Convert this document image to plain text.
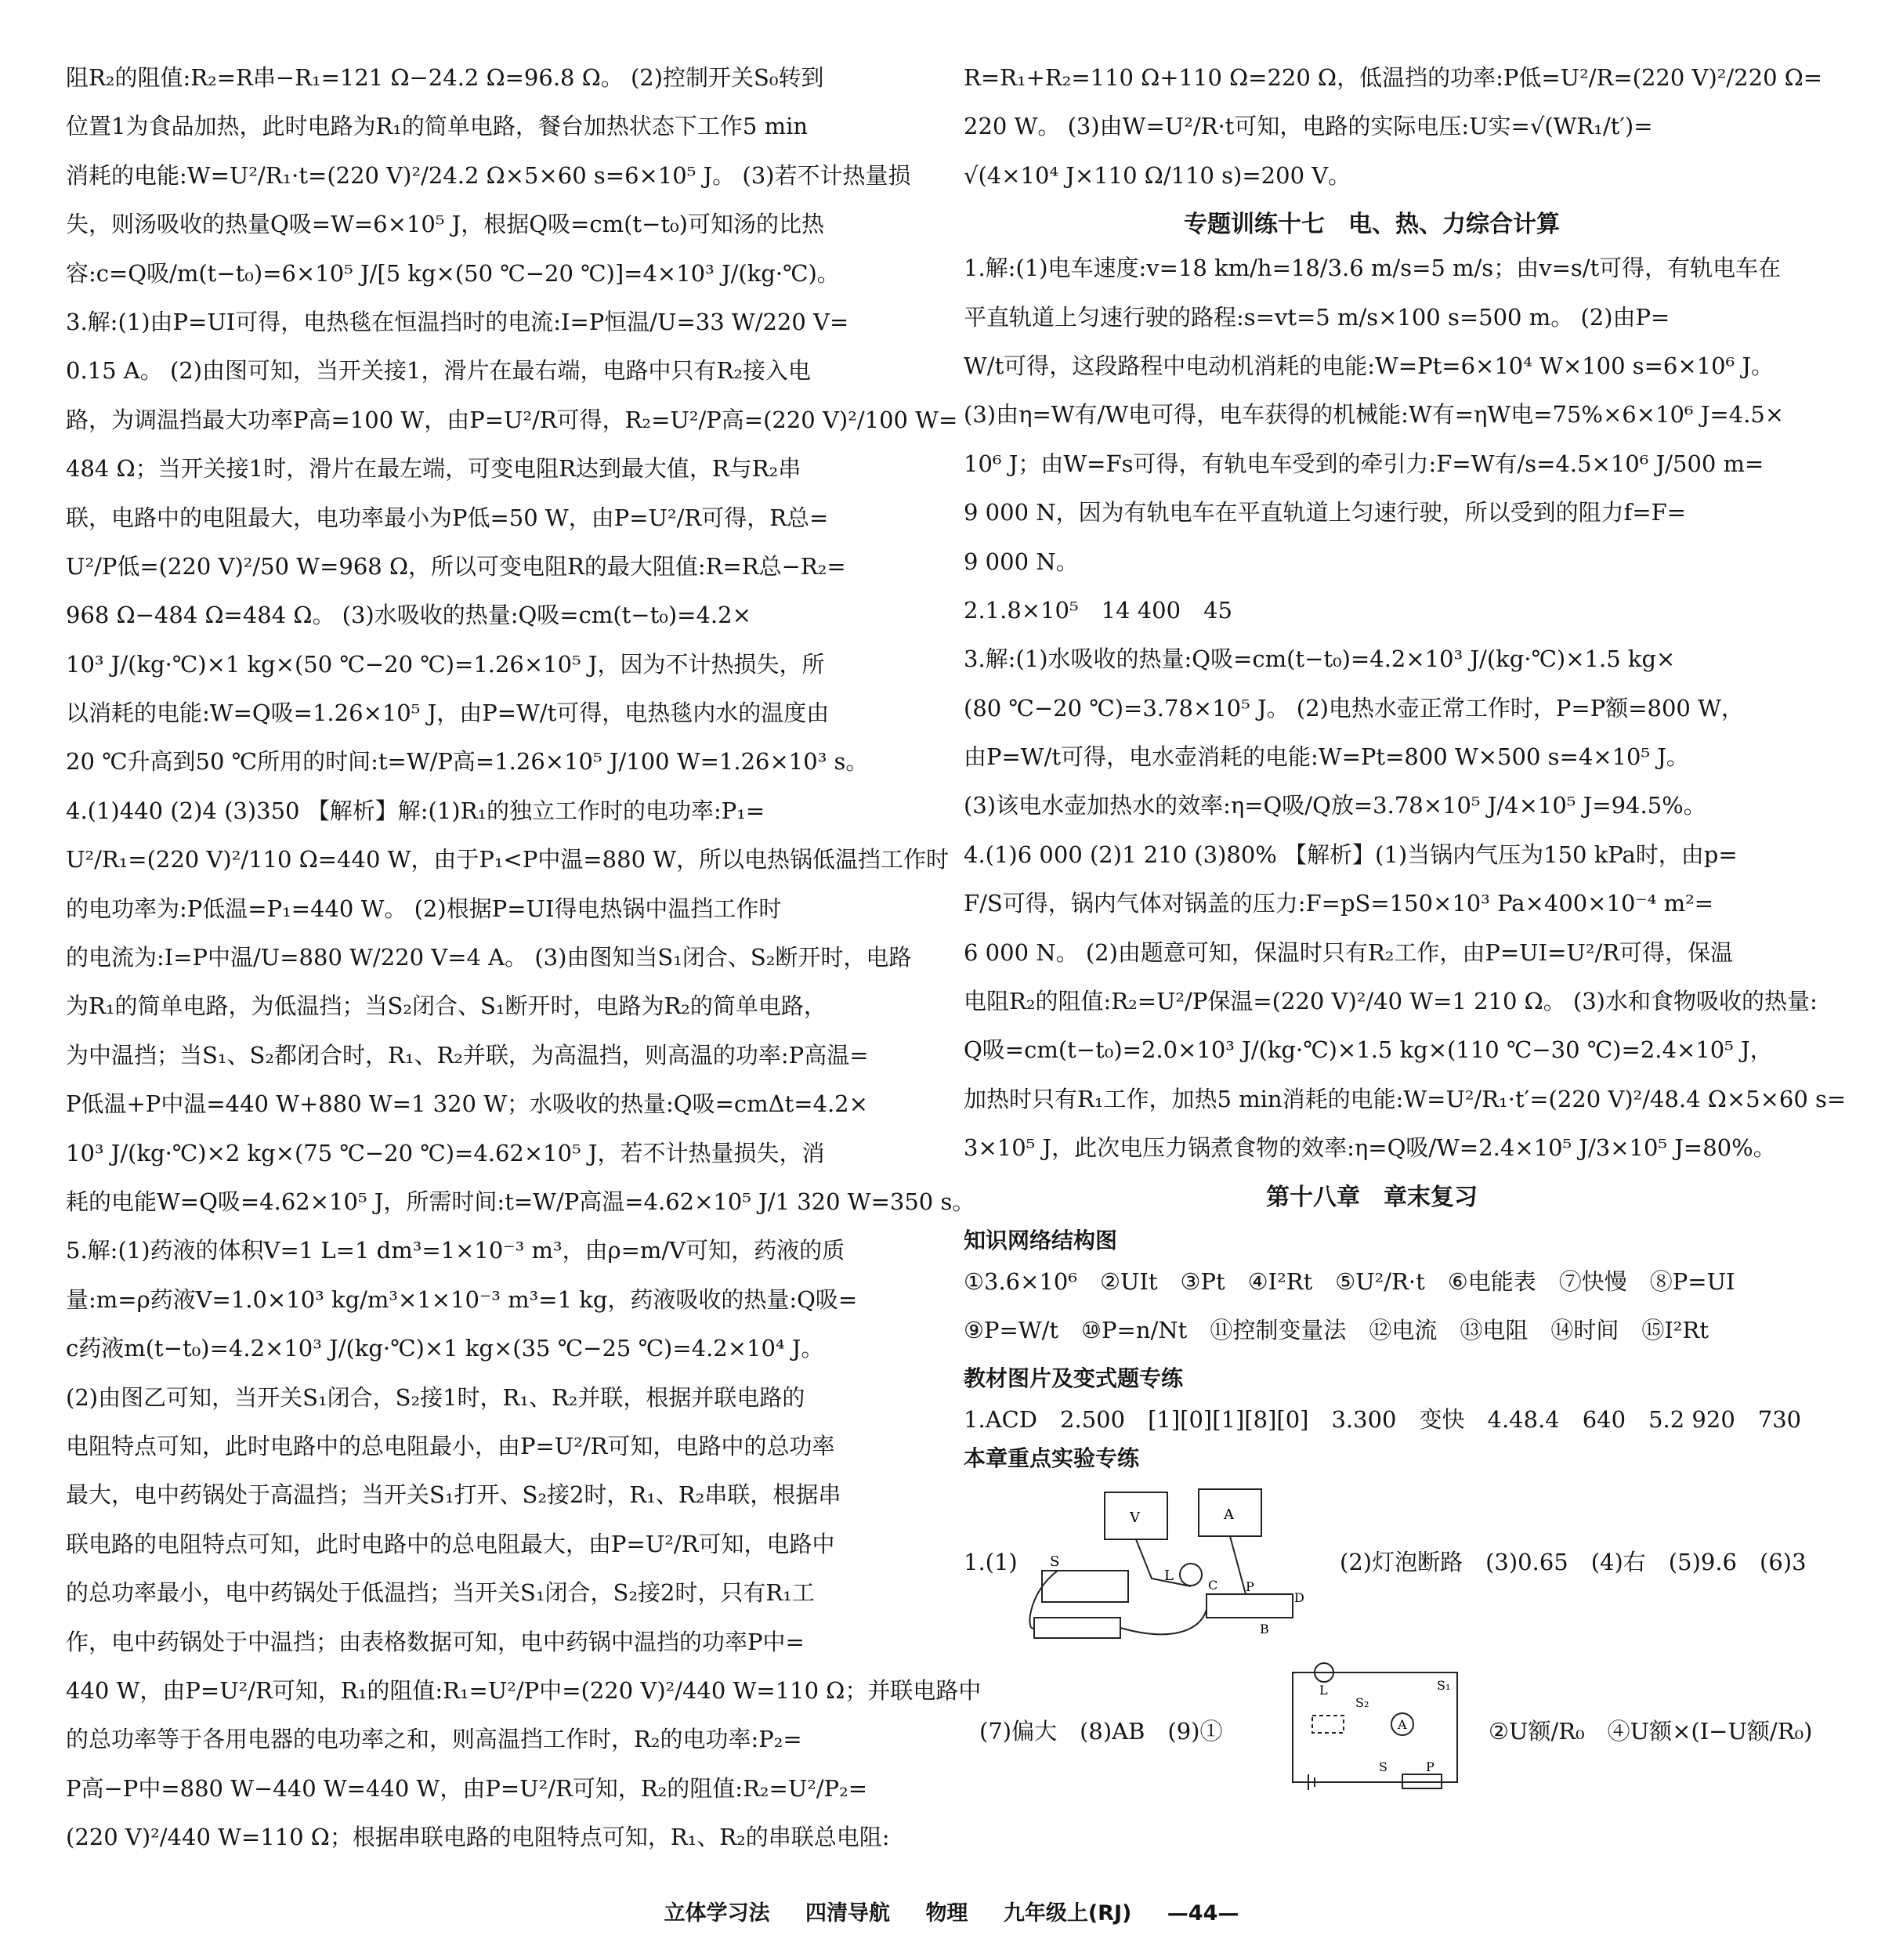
阻R₂的阻值:R₂=R串−R₁=121 Ω−24.2 Ω=96.8 Ω。 (2)控制开关S₀转到
位置1为食品加热，此时电路为R₁的简单电路，餐台加热状态下工作5 min
消耗的电能:W=U²/R₁·t=(220 V)²/24.2 Ω×5×60 s=6×10⁵ J。 (3)若不计热量损
失，则汤吸收的热量Q吸=W=6×10⁵ J，根据Q吸=cm(t−t₀)可知汤的比热
容:c=Q吸/m(t−t₀)=6×10⁵ J/[5 kg×(50 ℃−20 ℃)]=4×10³ J/(kg·℃)。
3.解:(1)由P=UI可得，电热毯在恒温挡时的电流:I=P恒温/U=33 W/220 V=
0.15 A。 (2)由图可知，当开关接1，滑片在最右端，电路中只有R₂接入电
路，为调温挡最大功率P高=100 W，由P=U²/R可得，R₂=U²/P高=(220 V)²/100 W=
484 Ω；当开关接1时，滑片在最左端，可变电阻R达到最大值，R与R₂串
联，电路中的电阻最大，电功率最小为P低=50 W，由P=U²/R可得，R总=
U²/P低=(220 V)²/50 W=968 Ω，所以可变电阻R的最大阻值:R=R总−R₂=
968 Ω−484 Ω=484 Ω。 (3)水吸收的热量:Q吸=cm(t−t₀)=4.2×
10³ J/(kg·℃)×1 kg×(50 ℃−20 ℃)=1.26×10⁵ J，因为不计热损失，所
以消耗的电能:W=Q吸=1.26×10⁵ J，由P=W/t可得，电热毯内水的温度由
20 ℃升高到50 ℃所用的时间:t=W/P高=1.26×10⁵ J/100 W=1.26×10³ s。
4.(1)440 (2)4 (3)350 【解析】解:(1)R₁的独立工作时的电功率:P₁=
U²/R₁=(220 V)²/110 Ω=440 W，由于P₁<P中温=880 W，所以电热锅低温挡工作时
的电功率为:P低温=P₁=440 W。 (2)根据P=UI得电热锅中温挡工作时
的电流为:I=P中温/U=880 W/220 V=4 A。 (3)由图知当S₁闭合、S₂断开时，电路
为R₁的简单电路，为低温挡；当S₂闭合、S₁断开时，电路为R₂的简单电路，
为中温挡；当S₁、S₂都闭合时，R₁、R₂并联，为高温挡，则高温的功率:P高温=
P低温+P中温=440 W+880 W=1 320 W；水吸收的热量:Q吸=cmΔt=4.2×
10³ J/(kg·℃)×2 kg×(75 ℃−20 ℃)=4.62×10⁵ J，若不计热量损失，消
耗的电能W=Q吸=4.62×10⁵ J，所需时间:t=W/P高温=4.62×10⁵ J/1 320 W=350 s。
5.解:(1)药液的体积V=1 L=1 dm³=1×10⁻³ m³，由ρ=m/V可知，药液的质
量:m=ρ药液V=1.0×10³ kg/m³×1×10⁻³ m³=1 kg，药液吸收的热量:Q吸=
c药液m(t−t₀)=4.2×10³ J/(kg·℃)×1 kg×(35 ℃−25 ℃)=4.2×10⁴ J。
(2)由图乙可知，当开关S₁闭合，S₂接1时，R₁、R₂并联，根据并联电路的
电阻特点可知，此时电路中的总电阻最小，由P=U²/R可知，电路中的总功率
最大，电中药锅处于高温挡；当开关S₁打开、S₂接2时，R₁、R₂串联，根据串
联电路的电阻特点可知，此时电路中的总电阻最大，由P=U²/R可知，电路中
的总功率最小，电中药锅处于低温挡；当开关S₁闭合，S₂接2时，只有R₁工
作，电中药锅处于中温挡；由表格数据可知，电中药锅中温挡的功率P中=
440 W，由P=U²/R可知，R₁的阻值:R₁=U²/P中=(220 V)²/440 W=110 Ω；并联电路中
的总功率等于各用电器的电功率之和，则高温挡工作时，R₂的电功率:P₂=
P高−P中=880 W−440 W=440 W，由P=U²/R可知，R₂的阻值:R₂=U²/P₂=
(220 V)²/440 W=110 Ω；根据串联电路的电阻特点可知，R₁、R₂的串联总电阻:
R=R₁+R₂=110 Ω+110 Ω=220 Ω，低温挡的功率:P低=U²/R=(220 V)²/220 Ω=
220 W。 (3)由W=U²/R·t可知，电路的实际电压:U实=√(WR₁/t′)=
√(4×10⁴ J×110 Ω/110 s)=200 V。
专题训练十七　电、热、力综合计算
1.解:(1)电车速度:v=18 km/h=18/3.6 m/s=5 m/s；由v=s/t可得，有轨电车在
平直轨道上匀速行驶的路程:s=vt=5 m/s×100 s=500 m。 (2)由P=
W/t可得，这段路程中电动机消耗的电能:W=Pt=6×10⁴ W×100 s=6×10⁶ J。
(3)由η=W有/W电可得，电车获得的机械能:W有=ηW电=75%×6×10⁶ J=4.5×
10⁶ J；由W=Fs可得，有轨电车受到的牵引力:F=W有/s=4.5×10⁶ J/500 m=
9 000 N，因为有轨电车在平直轨道上匀速行驶，所以受到的阻力f=F=
9 000 N。
2.1.8×10⁵　14 400　45
3.解:(1)水吸收的热量:Q吸=cm(t−t₀)=4.2×10³ J/(kg·℃)×1.5 kg×
(80 ℃−20 ℃)=3.78×10⁵ J。 (2)电热水壶正常工作时，P=P额=800 W，
由P=W/t可得，电水壶消耗的电能:W=Pt=800 W×500 s=4×10⁵ J。
(3)该电水壶加热水的效率:η=Q吸/Q放=3.78×10⁵ J/4×10⁵ J=94.5%。
4.(1)6 000 (2)1 210 (3)80% 【解析】(1)当锅内气压为150 kPa时，由p=
F/S可得，锅内气体对锅盖的压力:F=pS=150×10³ Pa×400×10⁻⁴ m²=
6 000 N。 (2)由题意可知，保温时只有R₂工作，由P=UI=U²/R可得，保温
电阻R₂的阻值:R₂=U²/P保温=(220 V)²/40 W=1 210 Ω。 (3)水和食物吸收的热量:
Q吸=cm(t−t₀)=2.0×10³ J/(kg·℃)×1.5 kg×(110 ℃−30 ℃)=2.4×10⁵ J，
加热时只有R₁工作，加热5 min消耗的电能:W=U²/R₁·t′=(220 V)²/48.4 Ω×5×60 s=
3×10⁵ J，此次电压力锅煮食物的效率:η=Q吸/W=2.4×10⁵ J/3×10⁵ J=80%。
第十八章　章末复习
知识网络结构图
①3.6×10⁶　②UIt　③Pt　④I²Rt　⑤U²/R·t　⑥电能表　⑦快慢　⑧P=UI
⑨P=W/t　⑩P=n/Nt　⑪控制变量法　⑫电流　⑬电阻　⑭时间　⑮I²Rt
教材图片及变式题专练
1.ACD　2.500　[1][0][1][8][0]　3.300　变快　4.48.4　640　5.2 920　730
本章重点实验专练
1.(1)
V	A
S
L
P
C
D
B
(2)灯泡断路　(3)0.65　(4)右　(5)9.6　(6)3
(7)偏大　(8)AB　(9)①
L	S₁
S₂
S	P
A	②U额/R₀　④U额×(I−U额/R₀)
立体学习法 四清导航 物理 九年级上(RJ) —44—
